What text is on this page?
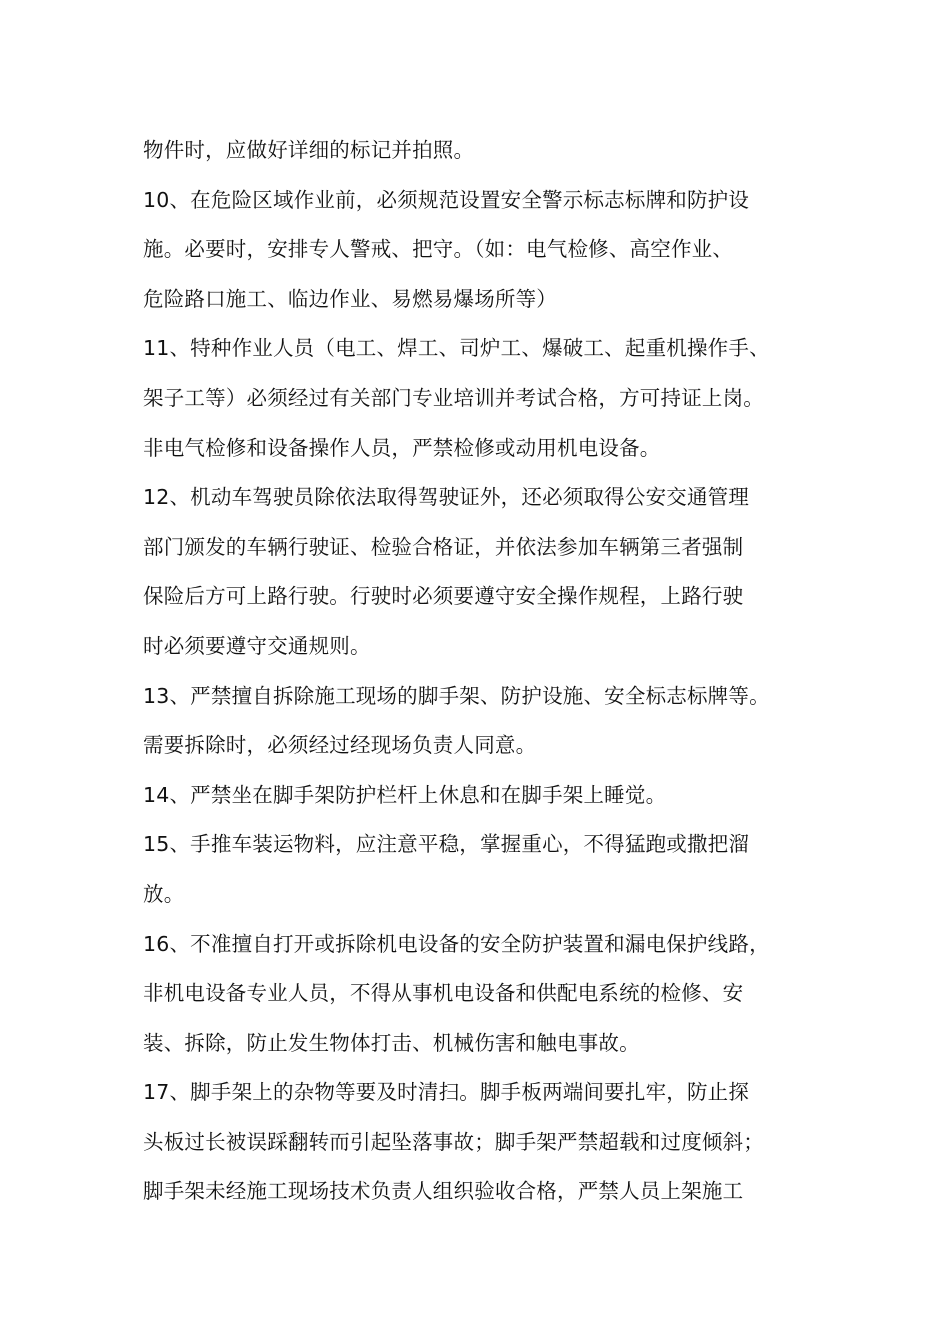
物件时，应做好详细的标记并拍照。
10、在危险区域作业前，必须规范设置安全警示标志标牌和防护设
施。必要时，安排专人警戒、把守。（如：电气检修、高空作业、
危险路口施工、临边作业、易燃易爆场所等）
11、特种作业人员（电工、焊工、司炉工、爆破工、起重机操作手、
架子工等）必须经过有关部门专业培训并考试合格，方可持证上岗。
非电气检修和设备操作人员，严禁检修或动用机电设备。
12、机动车驾驶员除依法取得驾驶证外，还必须取得公安交通管理
部门颁发的车辆行驶证、检验合格证，并依法参加车辆第三者强制
保险后方可上路行驶。行驶时必须要遵守安全操作规程，上路行驶
时必须要遵守交通规则。
13、严禁擅自拆除施工现场的脚手架、防护设施、安全标志标牌等。
需要拆除时，必须经过经现场负责人同意。
14、严禁坐在脚手架防护栏杆上休息和在脚手架上睡觉。
15、手推车装运物料，应注意平稳，掌握重心，不得猛跑或撒把溜
放。
16、不准擅自打开或拆除机电设备的安全防护装置和漏电保护线路，
非机电设备专业人员，不得从事机电设备和供配电系统的检修、安
装、拆除，防止发生物体打击、机械伤害和触电事故。
17、脚手架上的杂物等要及时清扫。脚手板两端间要扎牢，防止探
头板过长被误踩翻转而引起坠落事故；脚手架严禁超载和过度倾斜；
脚手架未经施工现场技术负责人组织验收合格，严禁人员上架施工
